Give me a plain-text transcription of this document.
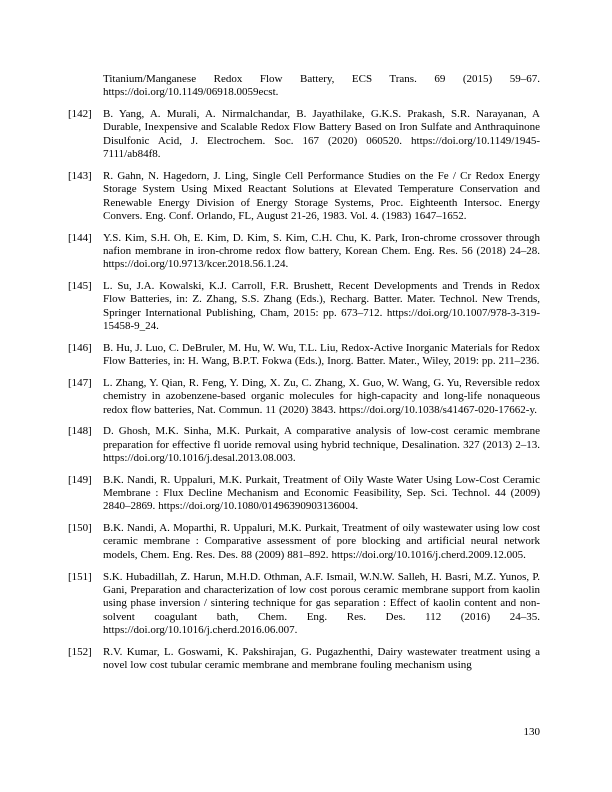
Titanium/Manganese Redox Flow Battery, ECS Trans. 69 (2015) 59–67. https://doi.org/10.1149/06918.0059ecst.
[142] B. Yang, A. Murali, A. Nirmalchandar, B. Jayathilake, G.K.S. Prakash, S.R. Narayanan, A Durable, Inexpensive and Scalable Redox Flow Battery Based on Iron Sulfate and Anthraquinone Disulfonic Acid, J. Electrochem. Soc. 167 (2020) 060520. https://doi.org/10.1149/1945-7111/ab84f8.
[143] R. Gahn, N. Hagedorn, J. Ling, Single Cell Performance Studies on the Fe / Cr Redox Energy Storage System Using Mixed Reactant Solutions at Elevated Temperature Conservation and Renewable Energy Division of Energy Storage Systems, Proc. Eighteenth Intersoc. Energy Convers. Eng. Conf. Orlando, FL, August 21-26, 1983. Vol. 4. (1983) 1647–1652.
[144] Y.S. Kim, S.H. Oh, E. Kim, D. Kim, S. Kim, C.H. Chu, K. Park, Iron-chrome crossover through nafion membrane in iron-chrome redox flow battery, Korean Chem. Eng. Res. 56 (2018) 24–28. https://doi.org/10.9713/kcer.2018.56.1.24.
[145] L. Su, J.A. Kowalski, K.J. Carroll, F.R. Brushett, Recent Developments and Trends in Redox Flow Batteries, in: Z. Zhang, S.S. Zhang (Eds.), Recharg. Batter. Mater. Technol. New Trends, Springer International Publishing, Cham, 2015: pp. 673–712. https://doi.org/10.1007/978-3-319-15458-9_24.
[146] B. Hu, J. Luo, C. DeBruler, M. Hu, W. Wu, T.L. Liu, Redox-Active Inorganic Materials for Redox Flow Batteries, in: H. Wang, B.P.T. Fokwa (Eds.), Inorg. Batter. Mater., Wiley, 2019: pp. 211–236.
[147] L. Zhang, Y. Qian, R. Feng, Y. Ding, X. Zu, C. Zhang, X. Guo, W. Wang, G. Yu, Reversible redox chemistry in azobenzene-based organic molecules for high-capacity and long-life nonaqueous redox flow batteries, Nat. Commun. 11 (2020) 3843. https://doi.org/10.1038/s41467-020-17662-y.
[148] D. Ghosh, M.K. Sinha, M.K. Purkait, A comparative analysis of low-cost ceramic membrane preparation for effective fl uoride removal using hybrid technique, Desalination. 327 (2013) 2–13. https://doi.org/10.1016/j.desal.2013.08.003.
[149] B.K. Nandi, R. Uppaluri, M.K. Purkait, Treatment of Oily Waste Water Using Low-Cost Ceramic Membrane : Flux Decline Mechanism and Economic Feasibility, Sep. Sci. Technol. 44 (2009) 2840–2869. https://doi.org/10.1080/01496390903136004.
[150] B.K. Nandi, A. Moparthi, R. Uppaluri, M.K. Purkait, Treatment of oily wastewater using low cost ceramic membrane : Comparative assessment of pore blocking and artificial neural network models, Chem. Eng. Res. Des. 88 (2009) 881–892. https://doi.org/10.1016/j.cherd.2009.12.005.
[151] S.K. Hubadillah, Z. Harun, M.H.D. Othman, A.F. Ismail, W.N.W. Salleh, H. Basri, M.Z. Yunos, P. Gani, Preparation and characterization of low cost porous ceramic membrane support from kaolin using phase inversion / sintering technique for gas separation : Effect of kaolin content and non-solvent coagulant bath, Chem. Eng. Res. Des. 112 (2016) 24–35. https://doi.org/10.1016/j.cherd.2016.06.007.
[152] R.V. Kumar, L. Goswami, K. Pakshirajan, G. Pugazhenthi, Dairy wastewater treatment using a novel low cost tubular ceramic membrane and membrane fouling mechanism using
130
